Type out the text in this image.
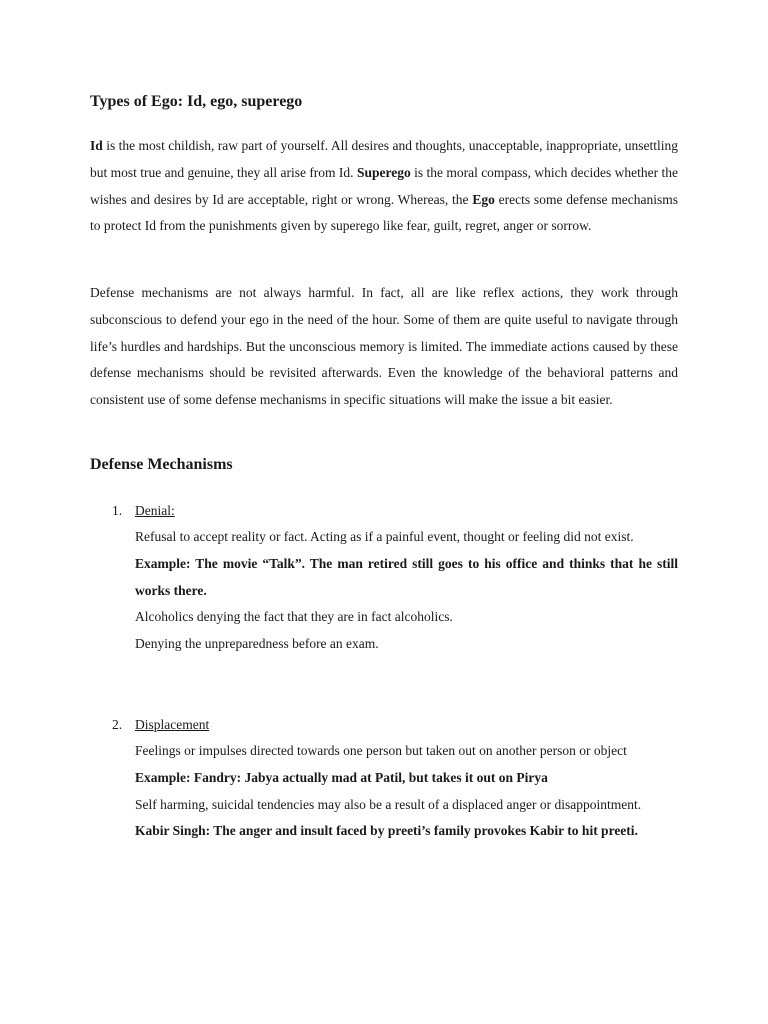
Types of Ego: Id, ego, superego
Id is the most childish, raw part of yourself. All desires and thoughts, unacceptable, inappropriate, unsettling but most true and genuine, they all arise from Id. Superego is the moral compass, which decides whether the wishes and desires by Id are acceptable, right or wrong. Whereas, the Ego erects some defense mechanisms to protect Id from the punishments given by superego like fear, guilt, regret, anger or sorrow.
Defense mechanisms are not always harmful. In fact, all are like reflex actions, they work through subconscious to defend your ego in the need of the hour. Some of them are quite useful to navigate through life’s hurdles and hardships. But the unconscious memory is limited. The immediate actions caused by these defense mechanisms should be revisited afterwards. Even the knowledge of the behavioral patterns and consistent use of some defense mechanisms in specific situations will make the issue a bit easier.
Defense Mechanisms
1. Denial:

Refusal to accept reality or fact. Acting as if a painful event, thought or feeling did not exist.

Example: The movie “Talk”. The man retired still goes to his office and thinks that he still works there.

Alcoholics denying the fact that they are in fact alcoholics.

Denying the unpreparedness before an exam.

2. Displacement

Feelings or impulses directed towards one person but taken out on another person or object

Example: Fandry: Jabya actually mad at Patil, but takes it out on Pirya

Self harming, suicidal tendencies may also be a result of a displaced anger or disappointment.

Kabir Singh: The anger and insult faced by preeti’s family provokes Kabir to hit preeti.
